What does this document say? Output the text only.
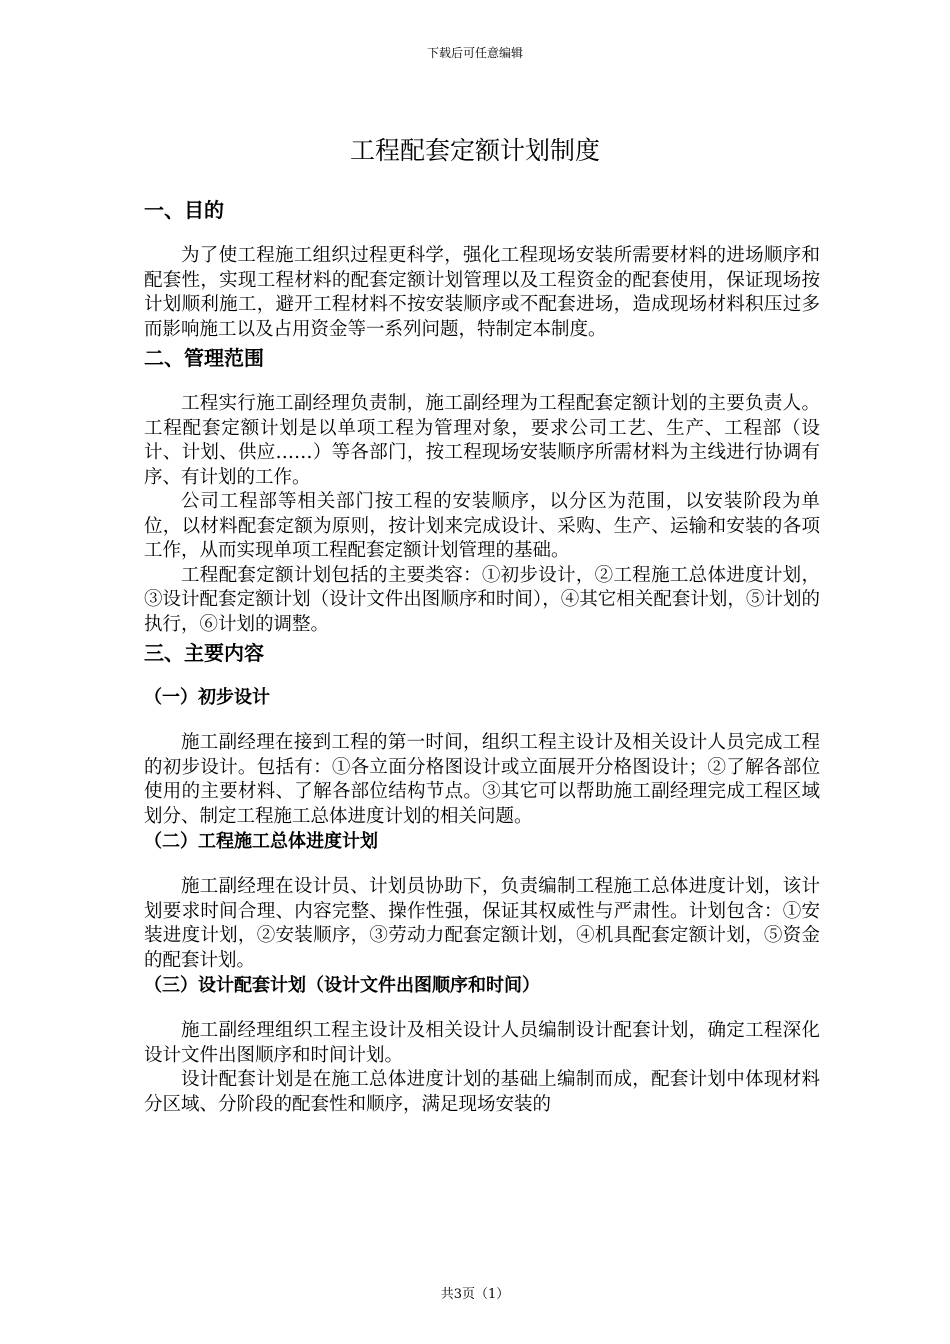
下载后可任意编辑
工程配套定额计划制度
一、目的

为了使工程施工组织过程更科学，强化工程现场安装所需要材料的进场顺序和配套性，实现工程材料的配套定额计划管理以及工程资金的配套使用，保证现场按计划顺利施工，避开工程材料不按安装顺序或不配套进场，造成现场材料积压过多而影响施工以及占用资金等一系列问题，特制定本制度。

二、管理范围

工程实行施工副经理负责制，施工副经理为工程配套定额计划的主要负责人。工程配套定额计划是以单项工程为管理对象，要求公司工艺、生产、工程部（设计、计划、供应……）等各部门，按工程现场安装顺序所需材料为主线进行协调有序、有计划的工作。

公司工程部等相关部门按工程的安装顺序，以分区为范围，以安装阶段为单位，以材料配套定额为原则，按计划来完成设计、采购、生产、运输和安装的各项工作，从而实现单项工程配套定额计划管理的基础。

工程配套定额计划包括的主要类容：①初步设计，②工程施工总体进度计划，③设计配套定额计划（设计文件出图顺序和时间），④其它相关配套计划，⑤计划的执行，⑥计划的调整。

三、主要内容
（一）初步设计

施工副经理在接到工程的第一时间，组织工程主设计及相关设计人员完成工程的初步设计。包括有：①各立面分格图设计或立面展开分格图设计；②了解各部位使用的主要材料、了解各部位结构节点。③其它可以帮助施工副经理完成工程区域划分、制定工程施工总体进度计划的相关问题。

（二）工程施工总体进度计划

施工副经理在设计员、计划员协助下，负责编制工程施工总体进度计划，该计划要求时间合理、内容完整、操作性强，保证其权威性与严肃性。计划包含：①安装进度计划，②安装顺序，③劳动力配套定额计划，④机具配套定额计划，⑤资金的配套计划。

（三）设计配套计划（设计文件出图顺序和时间）

施工副经理组织工程主设计及相关设计人员编制设计配套计划，确定工程深化设计文件出图顺序和时间计划。

设计配套计划是在施工总体进度计划的基础上编制而成，配套计划中体现材料分区域、分阶段的配套性和顺序，满足现场安装的

共3页（1）
